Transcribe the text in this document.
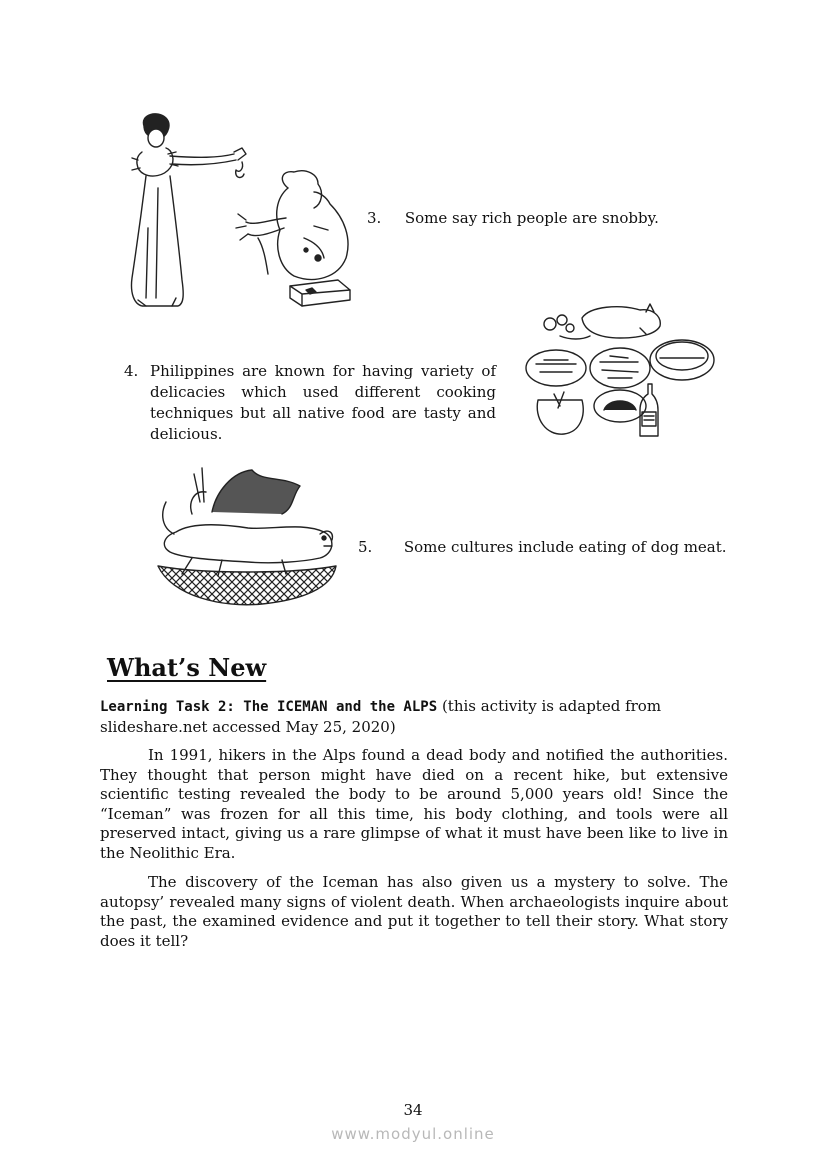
3. Some say rich people are snobby.
4. Philippines are known for having variety of delicacies which used different cooking techniques but all native food are tasty and delicious.
5. Some cultures include eating of dog meat.
What’s New
Learning Task 2: The ICEMAN and the ALPS (this activity is adapted from
slideshare.net accessed May 25, 2020)

In 1991, hikers in the Alps found a dead body and notified the authorities. They thought that person might have died on a recent hike, but extensive scientific testing revealed the body to be around 5,000 years old! Since the “Iceman” was frozen for all this time, his body clothing, and tools were all preserved intact, giving us a rare glimpse of what it must have been like to live in the Neolithic Era.

The discovery of the Iceman has also given us a mystery to solve. The autopsy’ revealed many signs of violent death. When archaeologists inquire about the past, the examined evidence and put it together to tell their story. What story does it tell?

34
www.modyul.online
